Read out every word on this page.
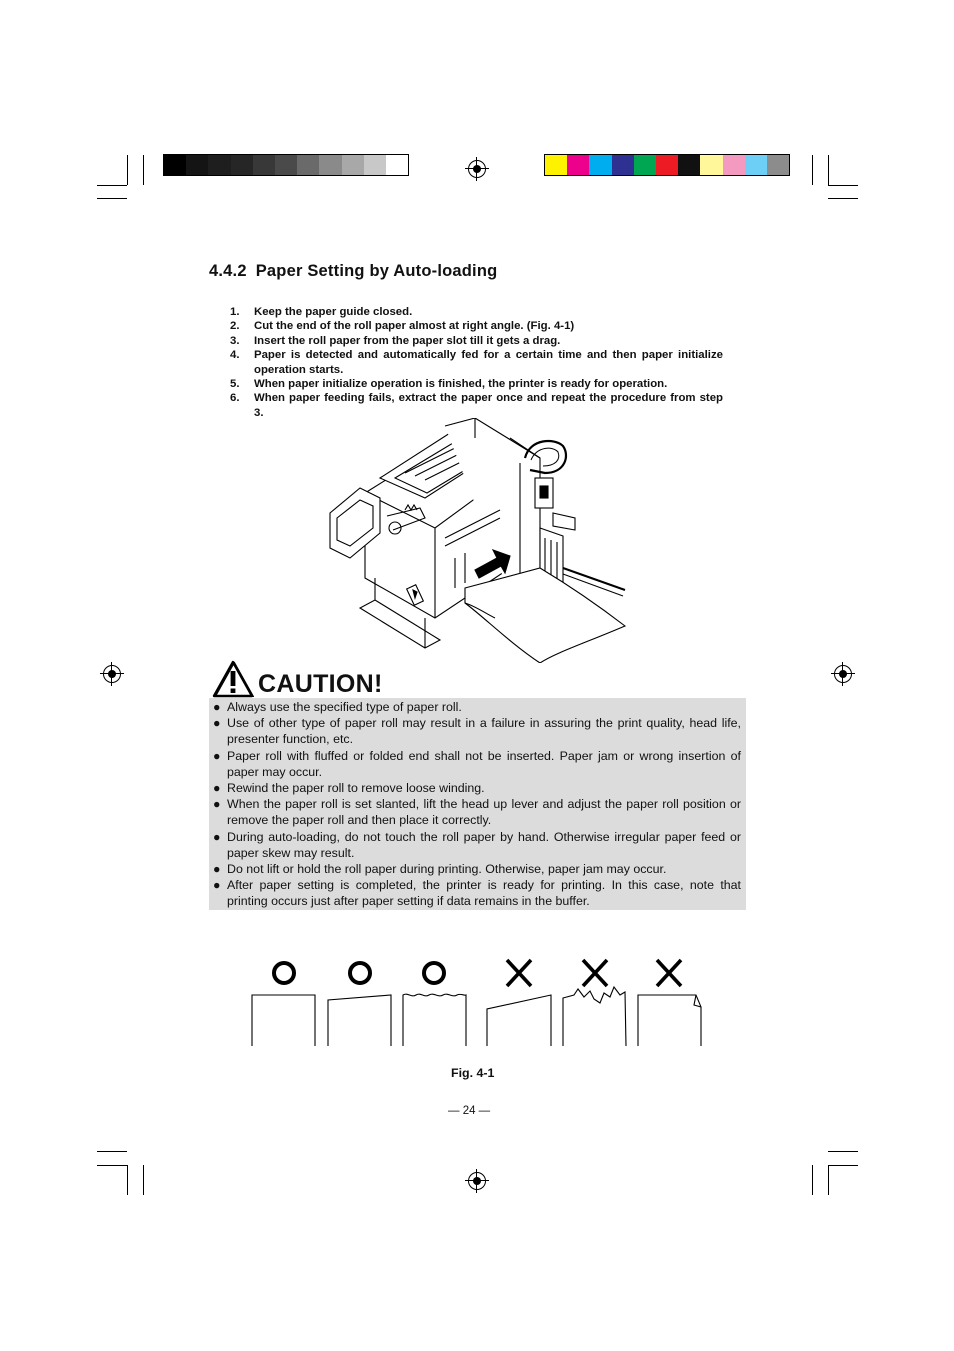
4.4.2 Paper Setting by Auto-loading
1. Keep the paper guide closed.
2. Cut the end of the roll paper almost at right angle. (Fig. 4-1)
3. Insert the roll paper from the paper slot till it gets a drag.
4. Paper is detected and automatically fed for a certain time and then paper initialize operation starts.
5. When paper initialize operation is finished, the printer is ready for operation.
6. When paper feeding fails, extract the paper once and repeat the procedure from step 3.
CAUTION!
● Always use the specified type of paper roll.
● Use of other type of paper roll may result in a failure in assuring the print quality, head life, presenter function, etc.
● Paper roll with fluffed or folded end shall not be inserted. Paper jam or wrong insertion of paper may occur.
● Rewind the paper roll to remove loose winding.
● When the paper roll is set slanted, lift the head up lever and adjust the paper roll position or remove the paper roll and then place it correctly.
● During auto-loading, do not touch the roll paper by hand. Otherwise irregular paper feed or paper skew may result.
● Do not lift or hold the roll paper during printing. Otherwise, paper jam may occur.
● After paper setting is completed, the printer is ready for printing. In this case, note that printing occurs just after paper setting if data remains in the buffer.
Fig. 4-1
— 24 —
